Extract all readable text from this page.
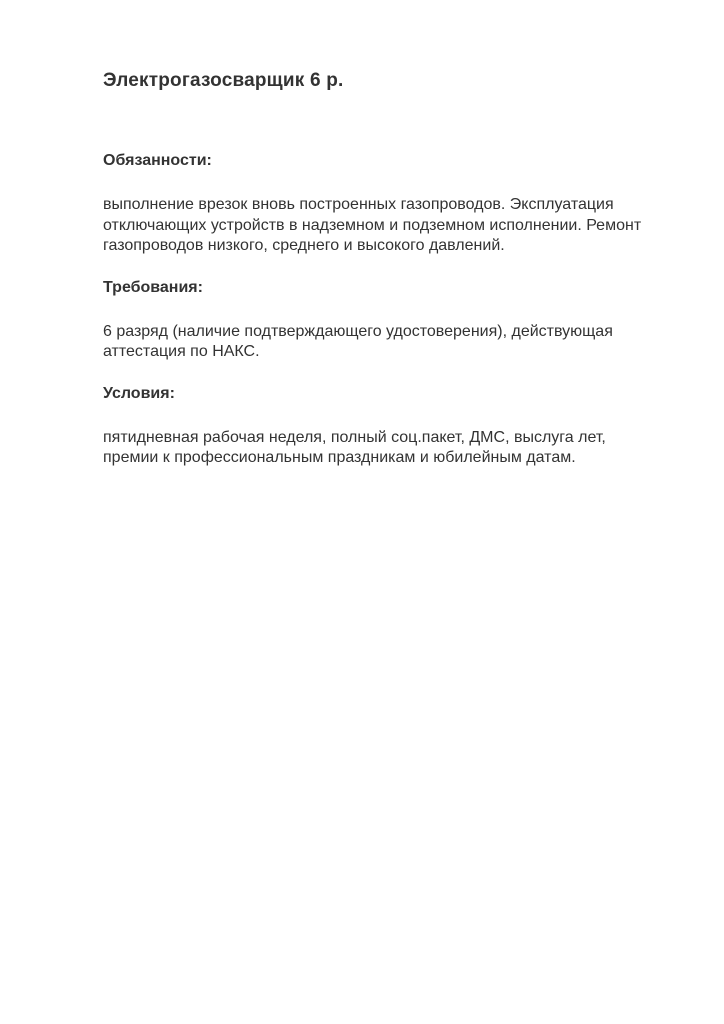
Электрогазосварщик 6 р.
Обязанности:

выполнение врезок вновь построенных газопроводов. Эксплуатация отключающих устройств в надземном и подземном исполнении. Ремонт газопроводов низкого, среднего и высокого давлений.

Требования:

6 разряд (наличие подтверждающего удостоверения), действующая аттестация по НАКС.

Условия:

пятидневная рабочая неделя, полный соц.пакет, ДМС, выслуга лет, премии к профессиональным праздникам и юбилейным датам.
